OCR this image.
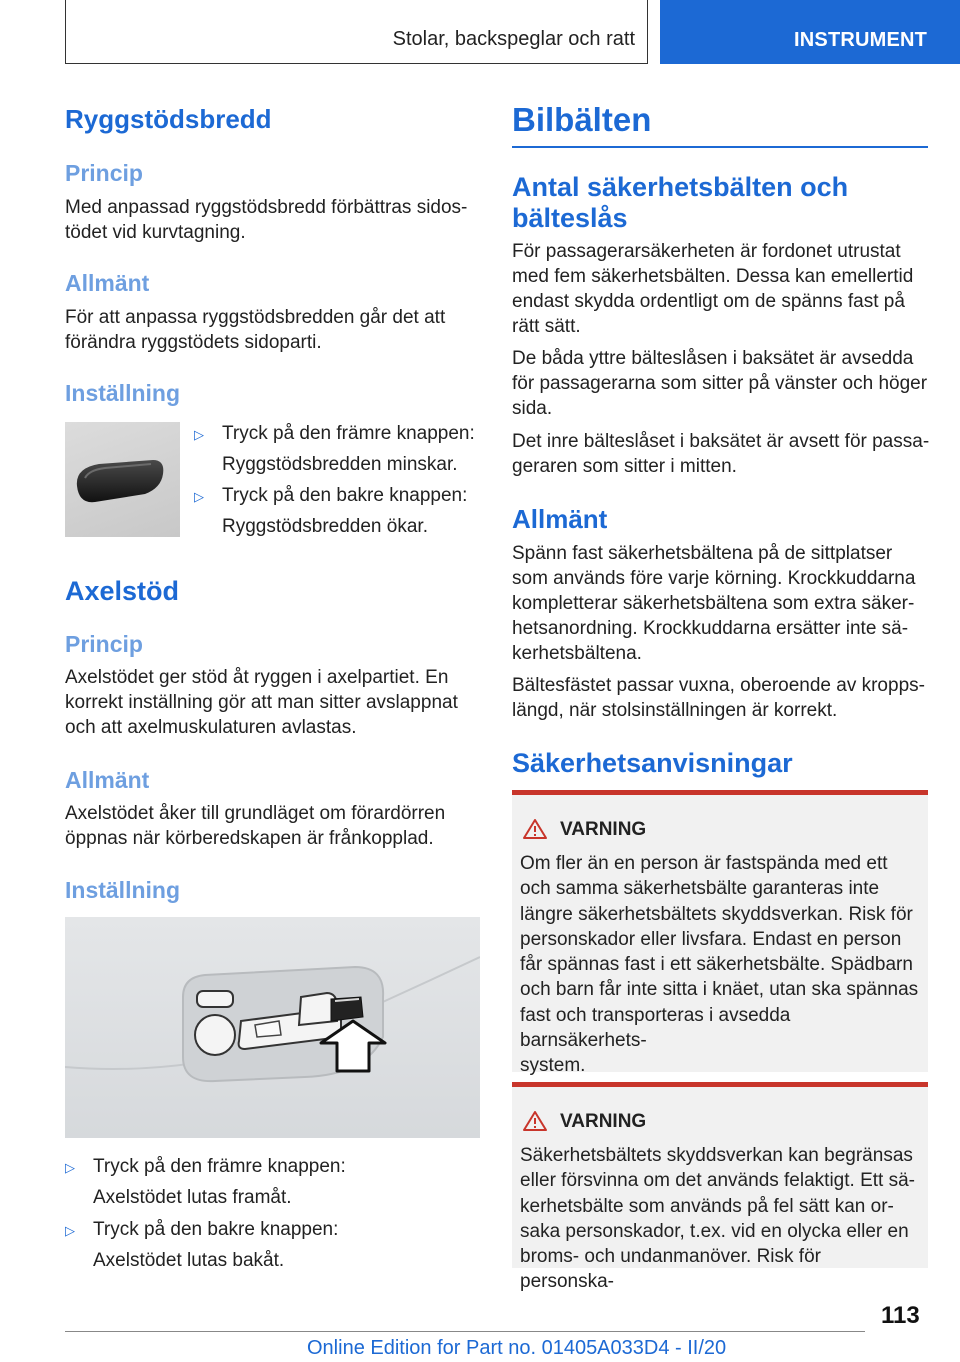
Stolar, backspeglar och ratt	INSTRUMENT
Ryggstödsbredd
Princip

Med anpassad ryggstödsbredd förbättras sidos-
tödet vid kurvtagning.

Allmänt

För att anpassa ryggstödsbredden går det att
förändra ryggstödets sidoparti.

Inställning
▷ Tryck på den främre knappen:
Ryggstödsbredden minskar.
▷ Tryck på den bakre knappen:
Ryggstödsbredden ökar.
Axelstöd
Princip

Axelstödet ger stöd åt ryggen i axelpartiet. En
korrekt inställning gör att man sitter avslappnat
och att axelmuskulaturen avlastas.

Allmänt

Axelstödet åker till grundläget om förardörren
öppnas när körberedskapen är frånkopplad.

Inställning
▷ Tryck på den främre knappen:
Axelstödet lutas framåt.
▷ Tryck på den bakre knappen:
Axelstödet lutas bakåt.
Bilbälten
Antal säkerhetsbälten och
bälteslås

För passagerarsäkerheten är fordonet utrustat
med fem säkerhetsbälten. Dessa kan emellertid
endast skydda ordentligt om de spänns fast på
rätt sätt.

De båda yttre bälteslåsen i baksätet är avsedda
för passagerarna som sitter på vänster och höger
sida.

Det inre bälteslåset i baksätet är avsett för passa-
geraren som sitter i mitten.

Allmänt

Spänn fast säkerhetsbältena på de sittplatser
som används före varje körning. Krockkuddarna
kompletterar säkerhetsbältena som extra säker-
hetsanordning. Krockkuddarna ersätter inte sä-
kerhetsbältena.

Bältesfästet passar vuxna, oberoende av kropps-
längd, när stolsinställningen är korrekt.

Säkerhetsanvisningar
VARNING

Om fler än en person är fastspända med ett
och samma säkerhetsbälte garanteras inte
längre säkerhetsbältets skyddsverkan. Risk för
personskador eller livsfara. Endast en person
får spännas fast i ett säkerhetsbälte. Spädbarn
och barn får inte sitta i knäet, utan ska spännas
fast och transporteras i avsedda barnsäkerhets-
system.

VARNING

Säkerhetsbältets skyddsverkan kan begränsas
eller försvinna om det används felaktigt. Ett sä-
kerhetsbälte som används på fel sätt kan or-
saka personskador, t.ex. vid en olycka eller en
broms- och undanmanöver. Risk för personska-

113
Online Edition for Part no. 01405A033D4 - II/20
